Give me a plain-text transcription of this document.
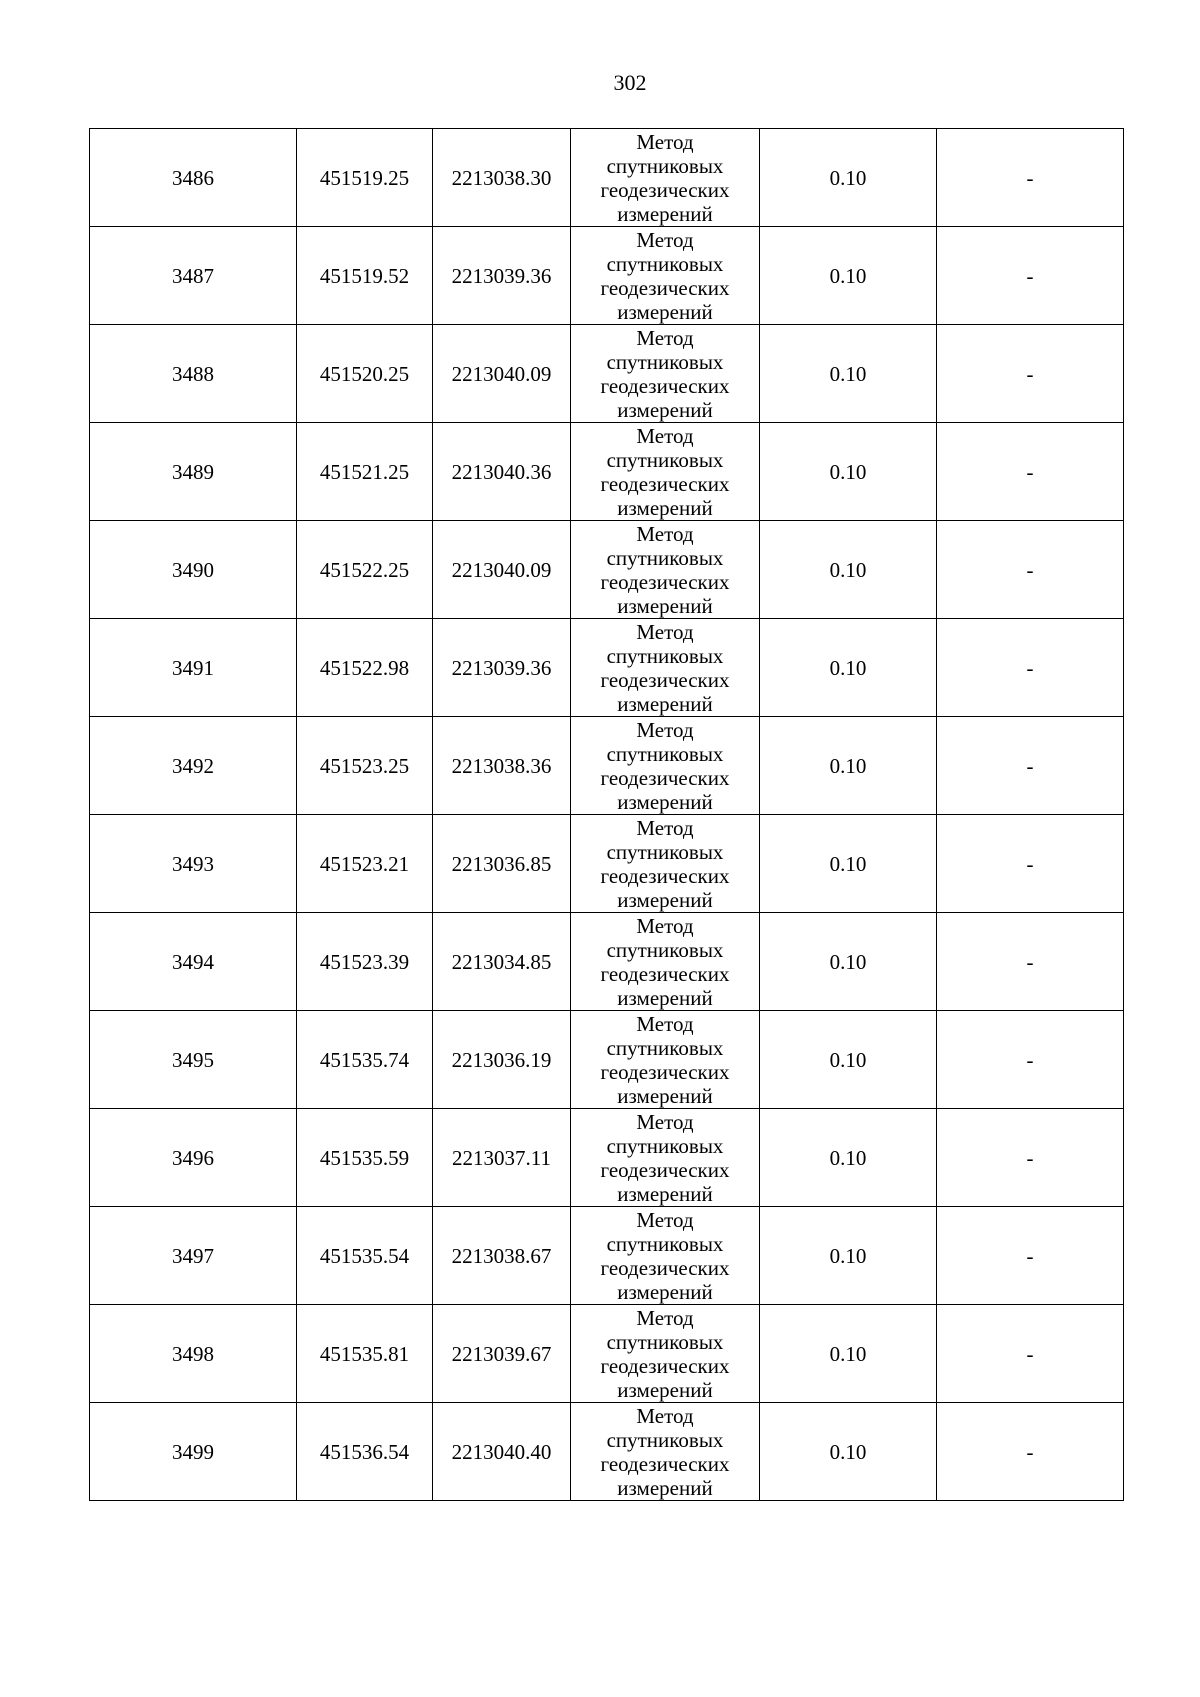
302
3486	451519.25	2213038.30	Метод спутниковых геодезических измерений	0.10	-
3487	451519.52	2213039.36	Метод спутниковых геодезических измерений	0.10	-
3488	451520.25	2213040.09	Метод спутниковых геодезических измерений	0.10	-
3489	451521.25	2213040.36	Метод спутниковых геодезических измерений	0.10	-
3490	451522.25	2213040.09	Метод спутниковых геодезических измерений	0.10	-
3491	451522.98	2213039.36	Метод спутниковых геодезических измерений	0.10	-
3492	451523.25	2213038.36	Метод спутниковых геодезических измерений	0.10	-
3493	451523.21	2213036.85	Метод спутниковых геодезических измерений	0.10	-
3494	451523.39	2213034.85	Метод спутниковых геодезических измерений	0.10	-
3495	451535.74	2213036.19	Метод спутниковых геодезических измерений	0.10	-
3496	451535.59	2213037.11	Метод спутниковых геодезических измерений	0.10	-
3497	451535.54	2213038.67	Метод спутниковых геодезических измерений	0.10	-
3498	451535.81	2213039.67	Метод спутниковых геодезических измерений	0.10	-
3499	451536.54	2213040.40	Метод спутниковых геодезических измерений	0.10	-
